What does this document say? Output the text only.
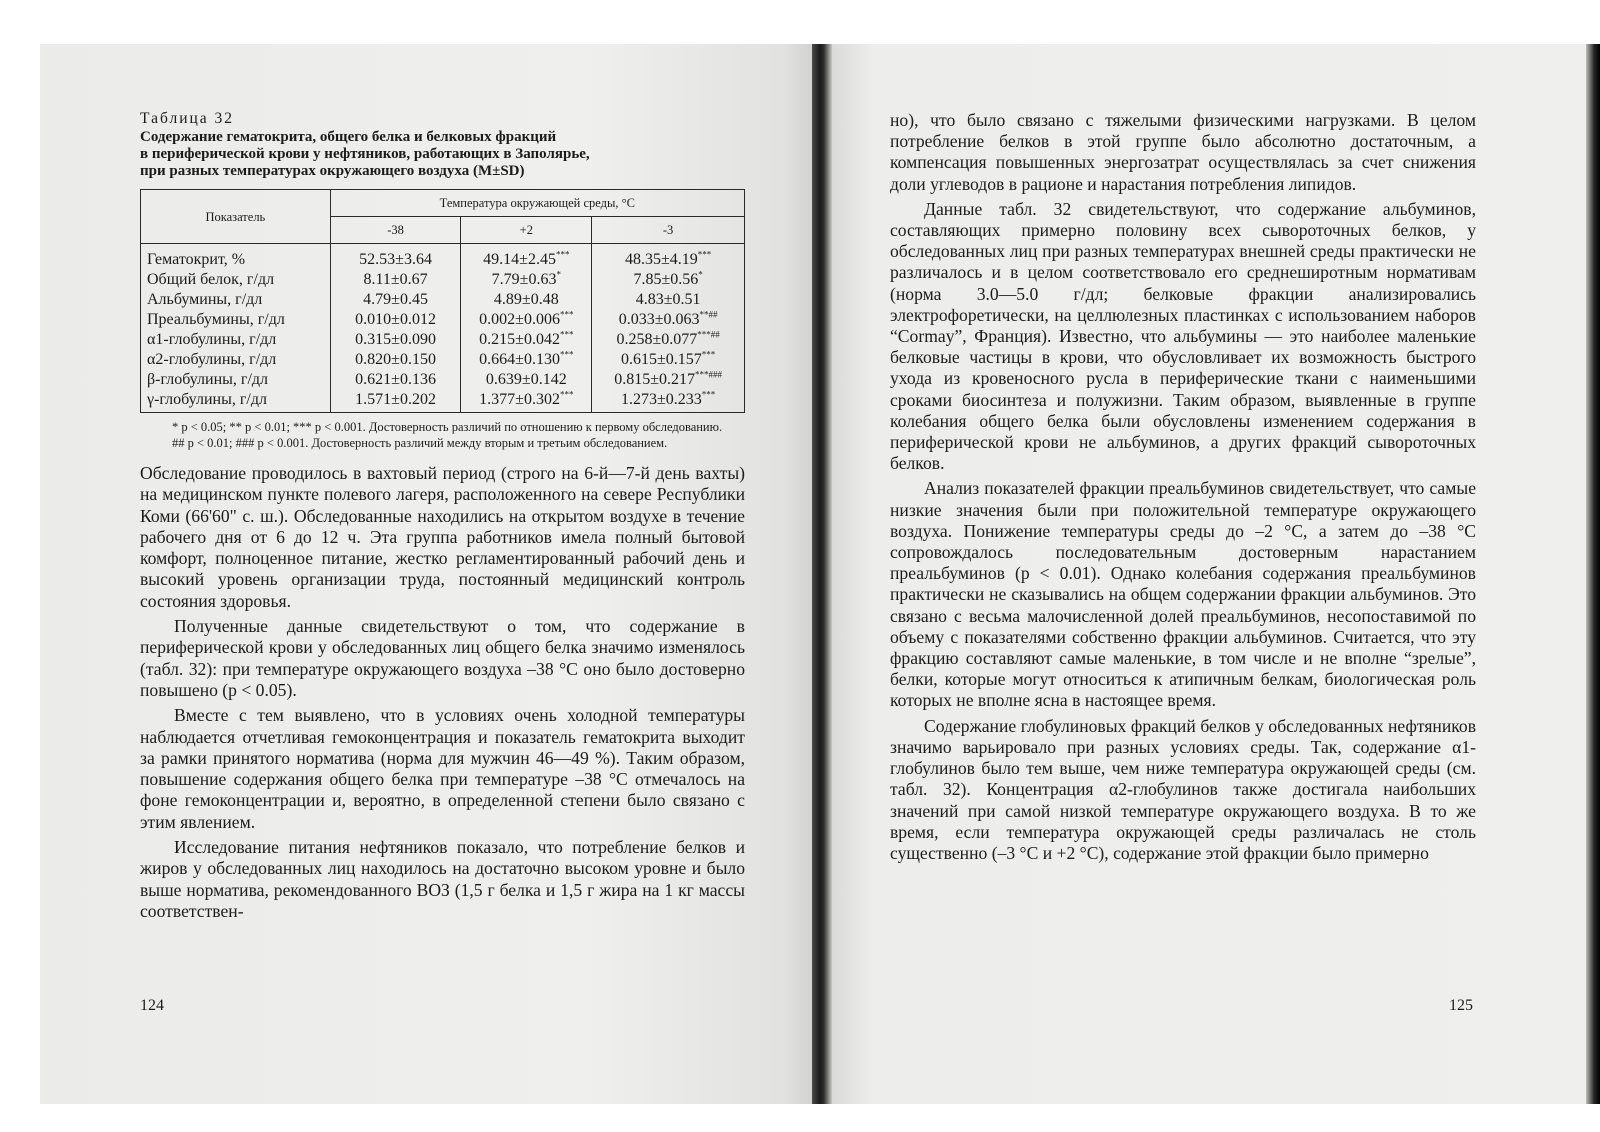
Таблица 32
Содержание гематокрита, общего белка и белковых фракций
в периферической крови у нефтяников, работающих в Заполярье,
при разных температурах окружающего воздуха (M±SD)
Показатель	Температура окружающей среды, °С		
	-38	+2	-3
Гематокрит, %	52.53±3.64	49.14±2.45***	48.35±4.19***
Общий белок, г/дл	8.11±0.67	7.79±0.63*	7.85±0.56*
Альбумины, г/дл	4.79±0.45	4.89±0.48	4.83±0.51
Преальбумины, г/дл	0.010±0.012	0.002±0.006***	0.033±0.063**##
α1-глобулины, г/дл	0.315±0.090	0.215±0.042***	0.258±0.077***##
α2-глобулины, г/дл	0.820±0.150	0.664±0.130***	0.615±0.157***
β-глобулины, г/дл	0.621±0.136	0.639±0.142	0.815±0.217***###
γ-глобулины, г/дл	1.571±0.202	1.377±0.302***	1.273±0.233***
* p < 0.05; ** p < 0.01; *** p < 0.001. Достоверность различий по отношению к первому обследованию.
## p < 0.01; ### p < 0.001. Достоверность различий между вторым и третьим обследованием.

Обследование проводилось в вахтовый период (строго на 6-й—7-й день вахты) на медицинском пункте полевого лагеря, расположенного на севере Республики Коми (66'60" с. ш.). Обследованные находились на открытом воздухе в течение рабочего дня от 6 до 12 ч. Эта группа работников имела полный бытовой комфорт, полноценное питание, жестко регламентированный рабочий день и высокий уровень организации труда, постоянный медицинский контроль состояния здоровья.

Полученные данные свидетельствуют о том, что содержание в периферической крови у обследованных лиц общего белка значимо изменялось (табл. 32): при температуре окружающего воздуха –38 °С оно было достоверно повышено (p < 0.05).

Вместе с тем выявлено, что в условиях очень холодной температуры наблюдается отчетливая гемоконцентрация и показатель гематокрита выходит за рамки принятого норматива (норма для мужчин 46—49 %). Таким образом, повышение содержания общего белка при температуре –38 °С отмечалось на фоне гемоконцентрации и, вероятно, в определенной степени было связано с этим явлением.

Исследование питания нефтяников показало, что потребление белков и жиров у обследованных лиц находилось на достаточно высоком уровне и было выше норматива, рекомендованного ВОЗ (1,5 г белка и 1,5 г жира на 1 кг массы соответствен-

но), что было связано с тяжелыми физическими нагрузками. В целом потребление белков в этой группе было абсолютно достаточным, а компенсация повышенных энергозатрат осуществлялась за счет снижения доли углеводов в рационе и нарастания потребления липидов.

Данные табл. 32 свидетельствуют, что содержание альбуминов, составляющих примерно половину всех сывороточных белков, у обследованных лиц при разных температурах внешней среды практически не различалось и в целом соответствовало его среднеширотным нормативам (норма 3.0—5.0 г/дл; белковые фракции анализировались электрофоретически, на целлюлезных пластинках с использованием наборов “Cormay”, Франция). Известно, что альбумины — это наиболее маленькие белковые частицы в крови, что обусловливает их возможность быстрого ухода из кровеносного русла в периферические ткани с наименьшими сроками биосинтеза и полужизни. Таким образом, выявленные в группе колебания общего белка были обусловлены изменением содержания в периферической крови не альбуминов, а других фракций сывороточных белков.

Анализ показателей фракции преальбуминов свидетельствует, что самые низкие значения были при положительной температуре окружающего воздуха. Понижение температуры среды до –2 °С, а затем до –38 °С сопровождалось последовательным достоверным нарастанием преальбуминов (p < 0.01). Однако колебания содержания преальбуминов практически не сказывались на общем содержании фракции альбуминов. Это связано с весьма малочисленной долей преальбуминов, несопоставимой по объему с показателями собственно фракции альбуминов. Считается, что эту фракцию составляют самые маленькие, в том числе и не вполне “зрелые”, белки, которые могут относиться к атипичным белкам, биологическая роль которых не вполне ясна в настоящее время.

Содержание глобулиновых фракций белков у обследованных нефтяников значимо варьировало при разных условиях среды. Так, содержание α1-глобулинов было тем выше, чем ниже температура окружающей среды (см. табл. 32). Концентрация α2-глобулинов также достигала наибольших значений при самой низкой температуре окружающего воздуха. В то же время, если температура окружающей среды различалась не столь существенно (–3 °С и +2 °С), содержание этой фракции было примерно

124	125
